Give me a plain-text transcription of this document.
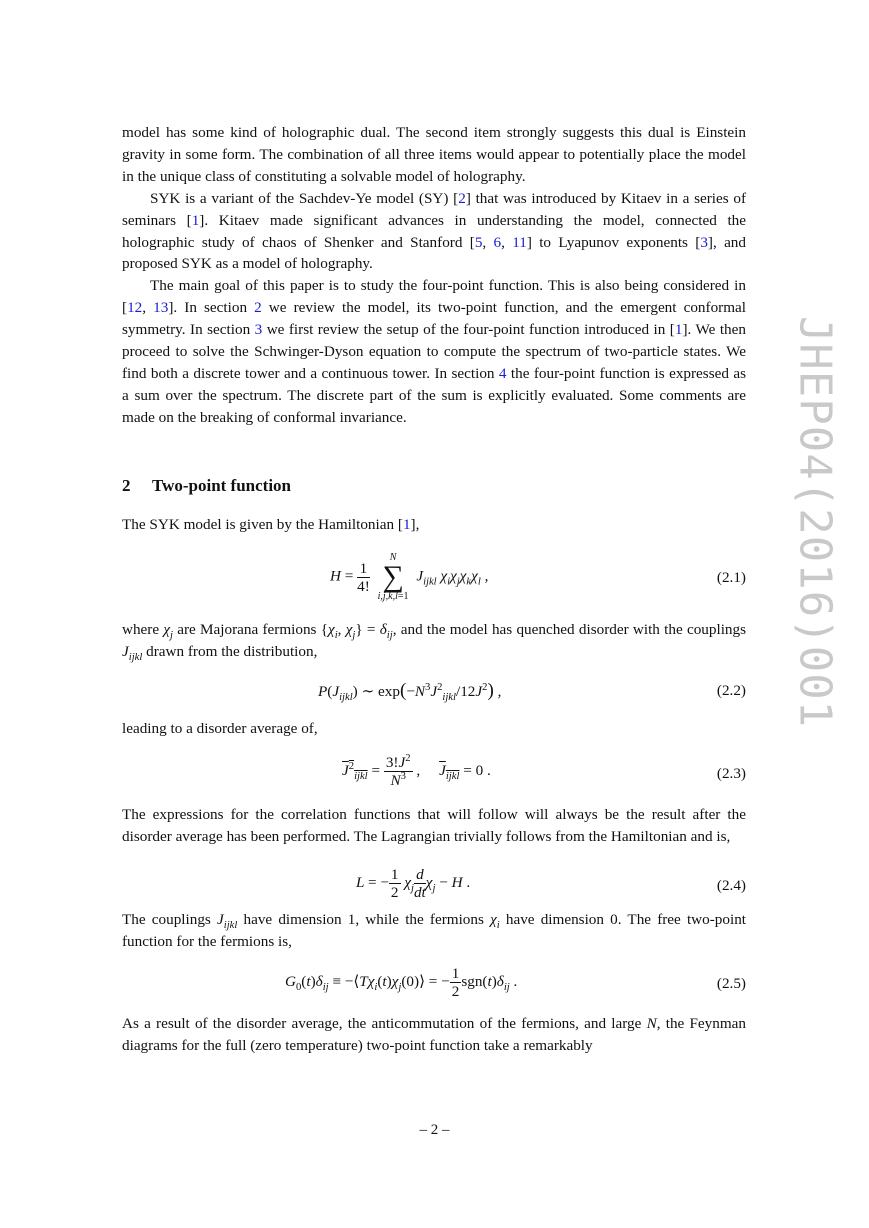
JHEP04(2016)001

model has some kind of holographic dual. The second item strongly suggests this dual is Einstein gravity in some form. The combination of all three items would appear to potentially place the model in the unique class of constituting a solvable model of holography.

SYK is a variant of the Sachdev-Ye model (SY) [2] that was introduced by Kitaev in a series of seminars [1]. Kitaev made significant advances in understanding the model, connected the holographic study of chaos of Shenker and Stanford [5, 6, 11] to Lyapunov exponents [3], and proposed SYK as a model of holography.

The main goal of this paper is to study the four-point function. This is also being considered in [12, 13]. In section 2 we review the model, its two-point function, and the emergent conformal symmetry. In section 3 we first review the setup of the four-point function introduced in [1]. We then proceed to solve the Schwinger-Dyson equation to compute the spectrum of two-particle states. We find both a discrete tower and a continuous tower. In section 4 the four-point function is expressed as a sum over the spectrum. The discrete part of the sum is explicitly evaluated. Some comments are made on the breaking of conformal invariance.

2 Two-point function

The SYK model is given by the Hamiltonian [1],

$H = \frac{1}{4!}$

N
∑
i,j,k,l=1
$J_{ijkl}$ $\chi_i\chi_j\chi_k\chi_l$ ,	(2.1)

where $\chi_j$ are Majorana fermions {$\chi_i$, $\chi_j\} = \delta_{ij}$, and the model has quenched disorder with the couplings $J_{ijkl}$ drawn from the distribution,

$P(J_{ijkl})$ ∼ $\exp(-N^3J^2_{ijkl}/12J^2)$ ,	(2.2)

leading to a disorder average of,

$J^2_{ijkl} = \frac{3!J^2}{N^3}$ , $J_{ijkl} = 0$ .	(2.3)

The expressions for the correlation functions that will follow will always be the result after the disorder average has been performed. The Lagrangian trivially follows from the Hamiltonian and is,

L = − $\frac{1}{2} \chi_j \frac{d}{dt} \chi_j - H$ .	(2.4)

The couplings $J_{ijkl}$ have dimension 1, while the fermions $\chi_i$ have dimension 0. The free two-point function for the fermions is,

$G_0(t)\delta_{ij}$ ≡ $-⟨T\chi_i(t)\chi_j(0)⟩$ = − $\frac{1}{2} sgn(t)\delta_{ij}$ .	(2.5)

As a result of the disorder average, the anticommutation of the fermions, and large N, the Feynman diagrams for the full (zero temperature) two-point function take a remarkably

– 2 –
